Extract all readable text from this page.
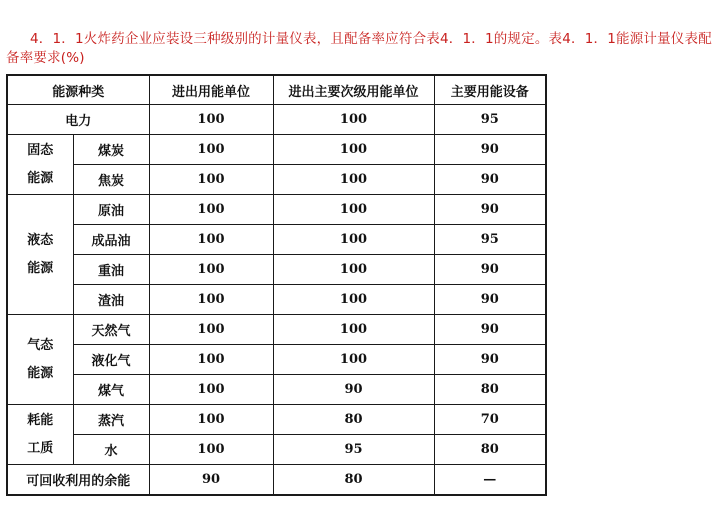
4．1．1火炸药企业应装设三种级别的计量仪表，且配备率应符合表4．1．1的规定。表4．1．1能源计量仪表配备率要求(%)

能源种类		进出用能单位	进出主要次级用能单位	主要用能设备
电力		100	100	95

固态
能源	煤炭	100	100	90
	焦炭	100	100	90

液态
能源	原油	100	100	90
	成品油	100	100	95
	重油	100	100	90
	渣油	100	100	90

气态
能源	天然气	100	100	90
	液化气	100	100	90
	煤气	100	90	80

耗能
工质	蒸汽	100	80	70
	水	100	95	80
可回收利用的余能		90	80	—
